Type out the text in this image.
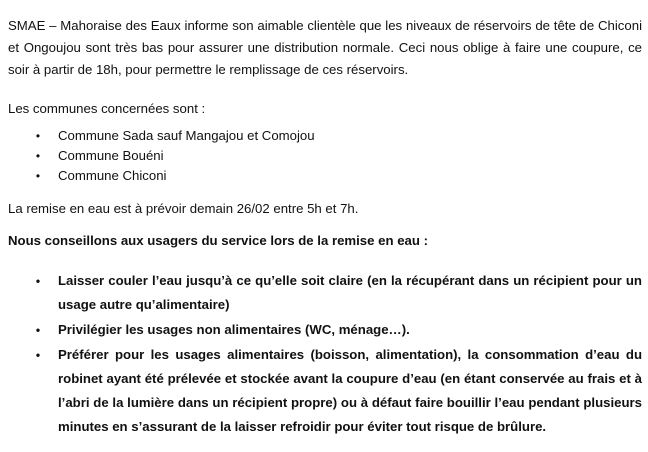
SMAE – Mahoraise des Eaux informe son aimable clientèle que les niveaux de réservoirs de tête de Chiconi et Ongoujou sont très bas pour assurer une distribution normale. Ceci nous oblige à faire une coupure, ce soir à partir de 18h, pour permettre le remplissage de ces réservoirs.

Les communes concernées sont :

• Commune Sada sauf Mangajou et Comojou
• Commune Bouéni
• Commune Chiconi

La remise en eau est à prévoir demain 26/02 entre 5h et 7h.

Nous conseillons aux usagers du service lors de la remise en eau :

• Laisser couler l’eau jusqu’à ce qu’elle soit claire (en la récupérant dans un récipient pour un usage autre qu’alimentaire)
• Privilégier les usages non alimentaires (WC, ménage…).
• Préférer pour les usages alimentaires (boisson, alimentation), la consommation d’eau du robinet ayant été prélevée et stockée avant la coupure d’eau (en étant conservée au frais et à l’abri de la lumière dans un récipient propre) ou à défaut faire bouillir l’eau pendant plusieurs minutes en s’assurant de la laisser refroidir pour éviter tout risque de brûlure.
